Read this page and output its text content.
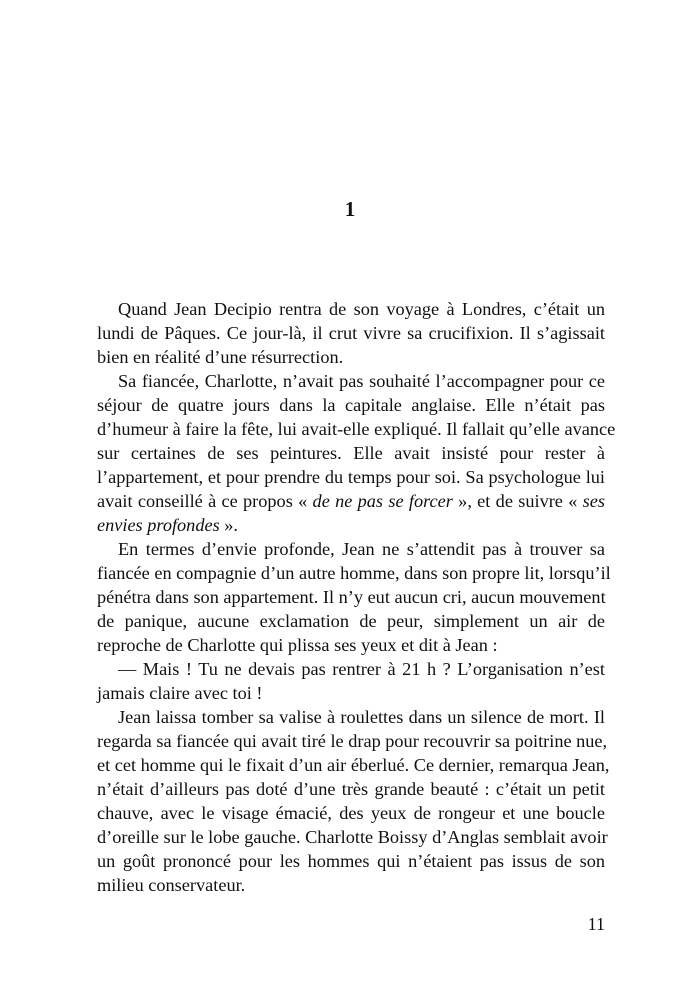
1
Quand Jean Decipio rentra de son voyage à Londres, c’était un
lundi de Pâques. Ce jour-là, il crut vivre sa crucifixion. Il s’agissait
bien en réalité d’une résurrection.
Sa fiancée, Charlotte, n’avait pas souhaité l’accompagner pour ce
séjour de quatre jours dans la capitale anglaise. Elle n’était pas
d’humeur à faire la fête, lui avait-elle expliqué. Il fallait qu’elle avance
sur certaines de ses peintures. Elle avait insisté pour rester à
l’appartement, et pour prendre du temps pour soi. Sa psychologue lui
avait conseillé à ce propos « de ne pas se forcer », et de suivre « ses
envies profondes ».
En termes d’envie profonde, Jean ne s’attendit pas à trouver sa
fiancée en compagnie d’un autre homme, dans son propre lit, lorsqu’il
pénétra dans son appartement. Il n’y eut aucun cri, aucun mouvement
de panique, aucune exclamation de peur, simplement un air de
reproche de Charlotte qui plissa ses yeux et dit à Jean :
— Mais ! Tu ne devais pas rentrer à 21 h ? L’organisation n’est
jamais claire avec toi !
Jean laissa tomber sa valise à roulettes dans un silence de mort. Il
regarda sa fiancée qui avait tiré le drap pour recouvrir sa poitrine nue,
et cet homme qui le fixait d’un air éberlué. Ce dernier, remarqua Jean,
n’était d’ailleurs pas doté d’une très grande beauté : c’était un petit
chauve, avec le visage émacié, des yeux de rongeur et une boucle
d’oreille sur le lobe gauche. Charlotte Boissy d’Anglas semblait avoir
un goût prononcé pour les hommes qui n’étaient pas issus de son
milieu conservateur.
11
